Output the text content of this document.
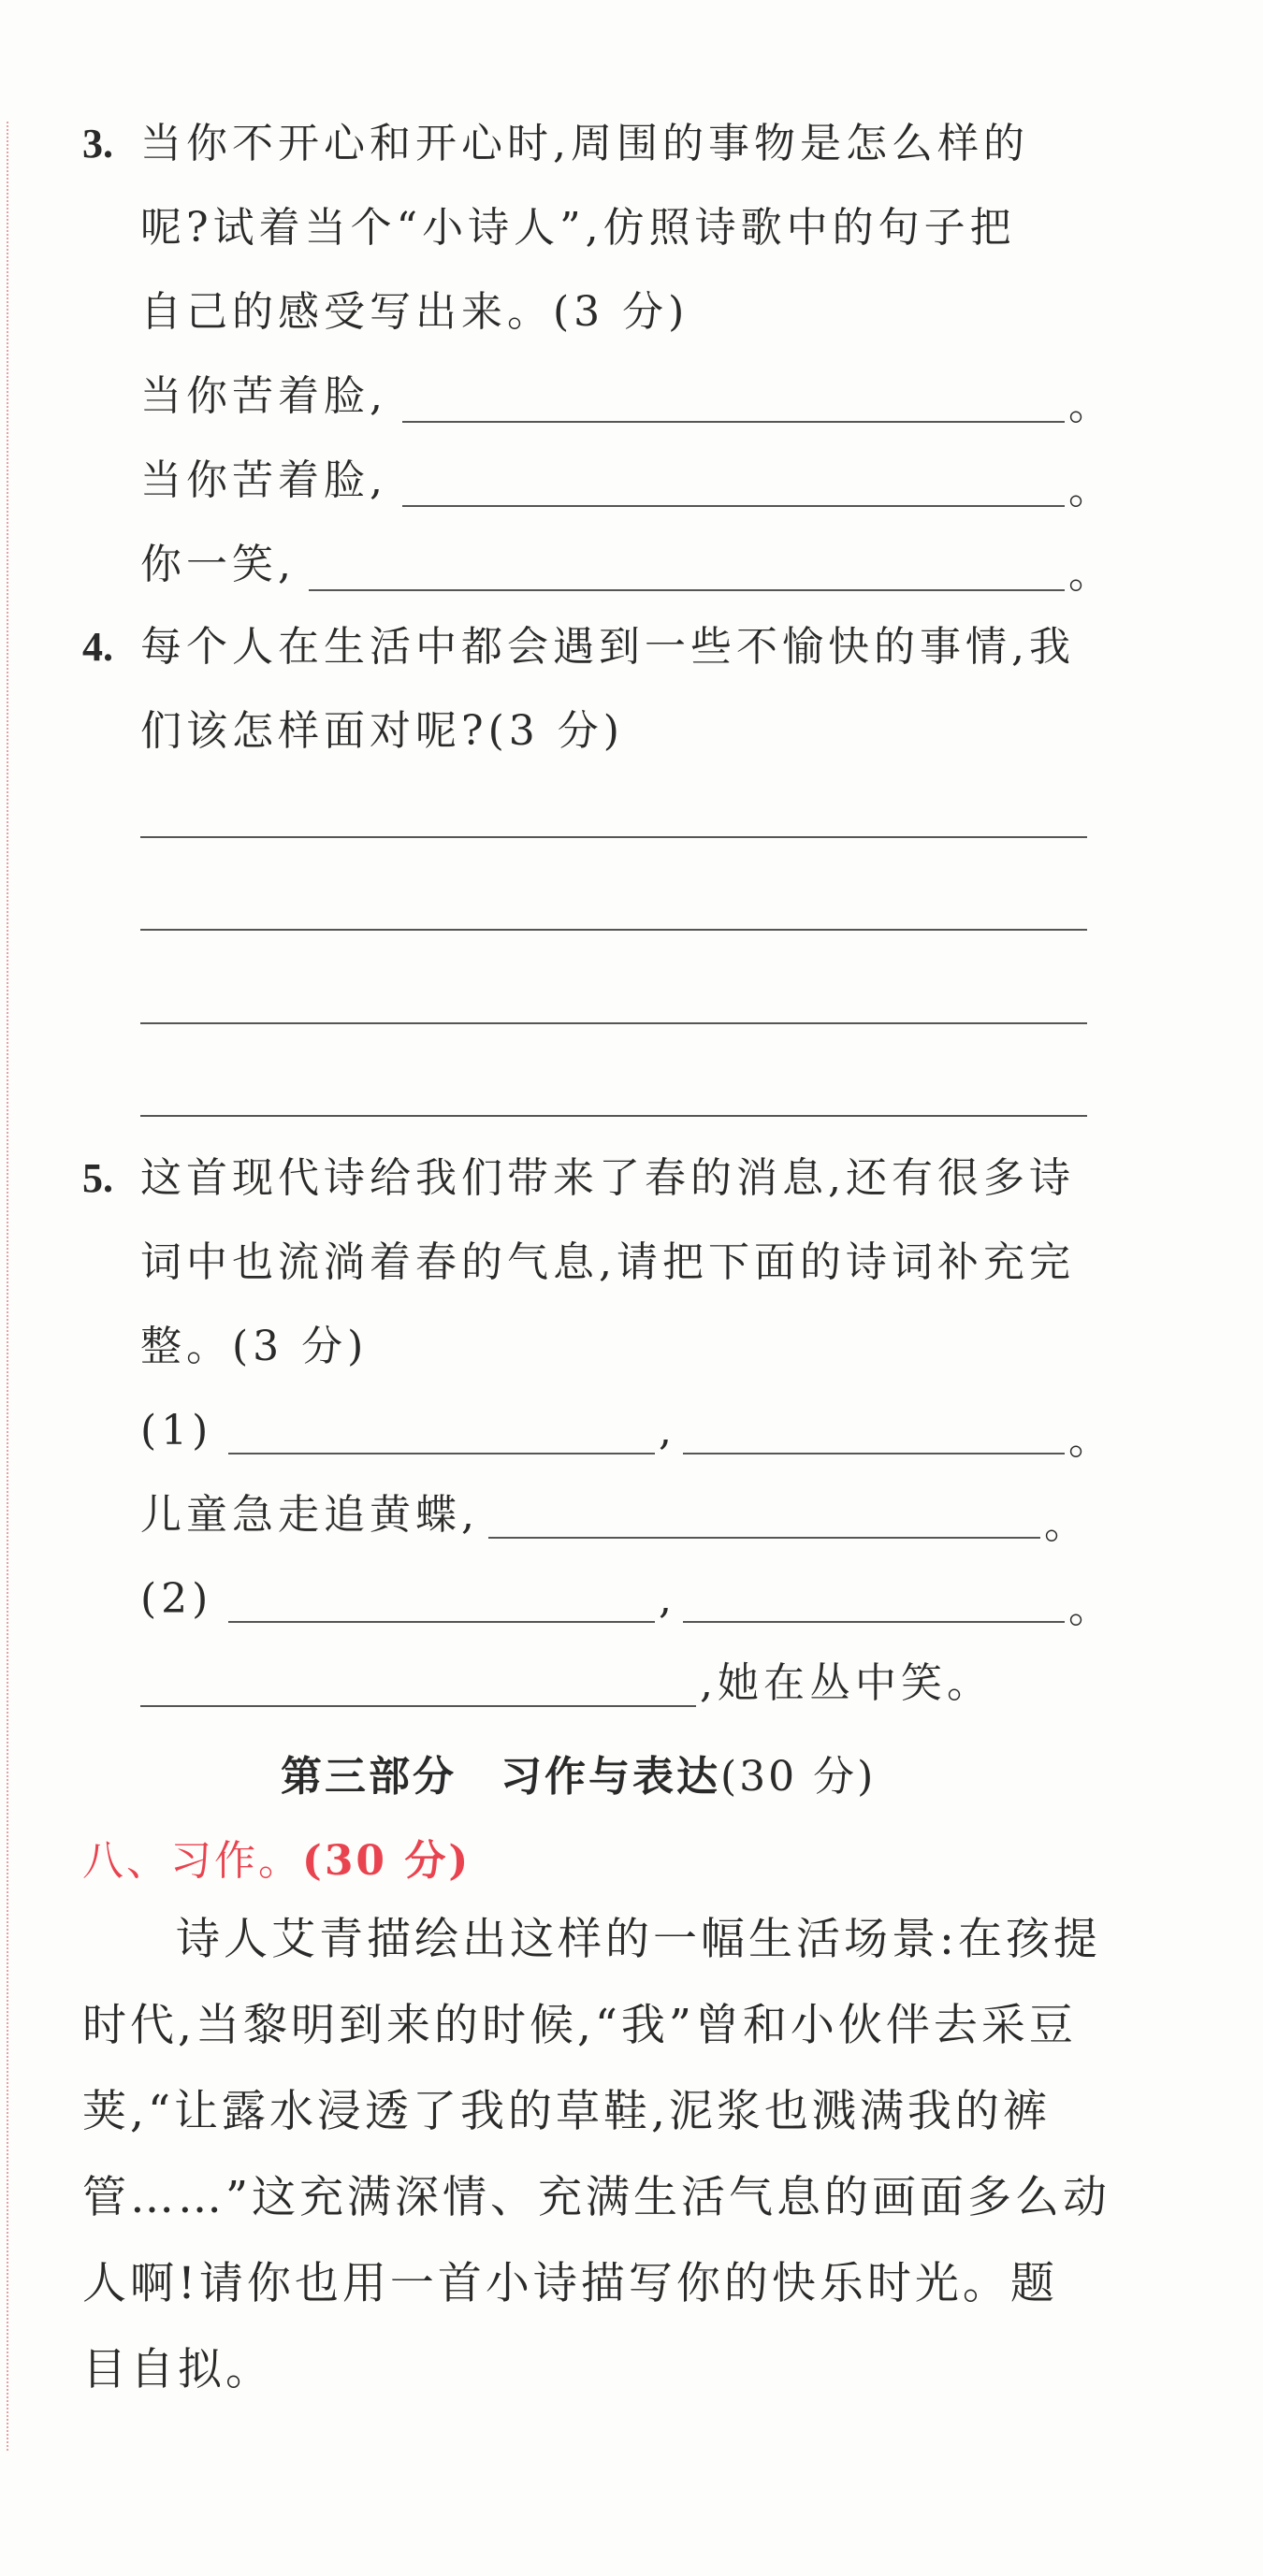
3. 当你不开心和开心时,周围的事物是怎么样的
呢?试着当个“小诗人”,仿照诗歌中的句子把
自己的感受写出来。(3 分)
当你苦着脸,	。
当你苦着脸,	。
你一笑,	。
4. 每个人在生活中都会遇到一些不愉快的事情,我
们该怎样面对呢?(3 分)
5. 这首现代诗给我们带来了春的消息,还有很多诗
词中也流淌着春的气息,请把下面的诗词补充完
整。(3 分)
(1)	,	。
儿童急走追黄蝶,	。
(2)	,	。
,她在丛中笑。
第三部分　习作与表达(30 分)
八、习作。(30 分)
诗人艾青描绘出这样的一幅生活场景:在孩提
时代,当黎明到来的时候,“我”曾和小伙伴去采豆
荚,“让露水浸透了我的草鞋,泥浆也溅满我的裤
管……”这充满深情、充满生活气息的画面多么动
人啊!请你也用一首小诗描写你的快乐时光。题
目自拟。
